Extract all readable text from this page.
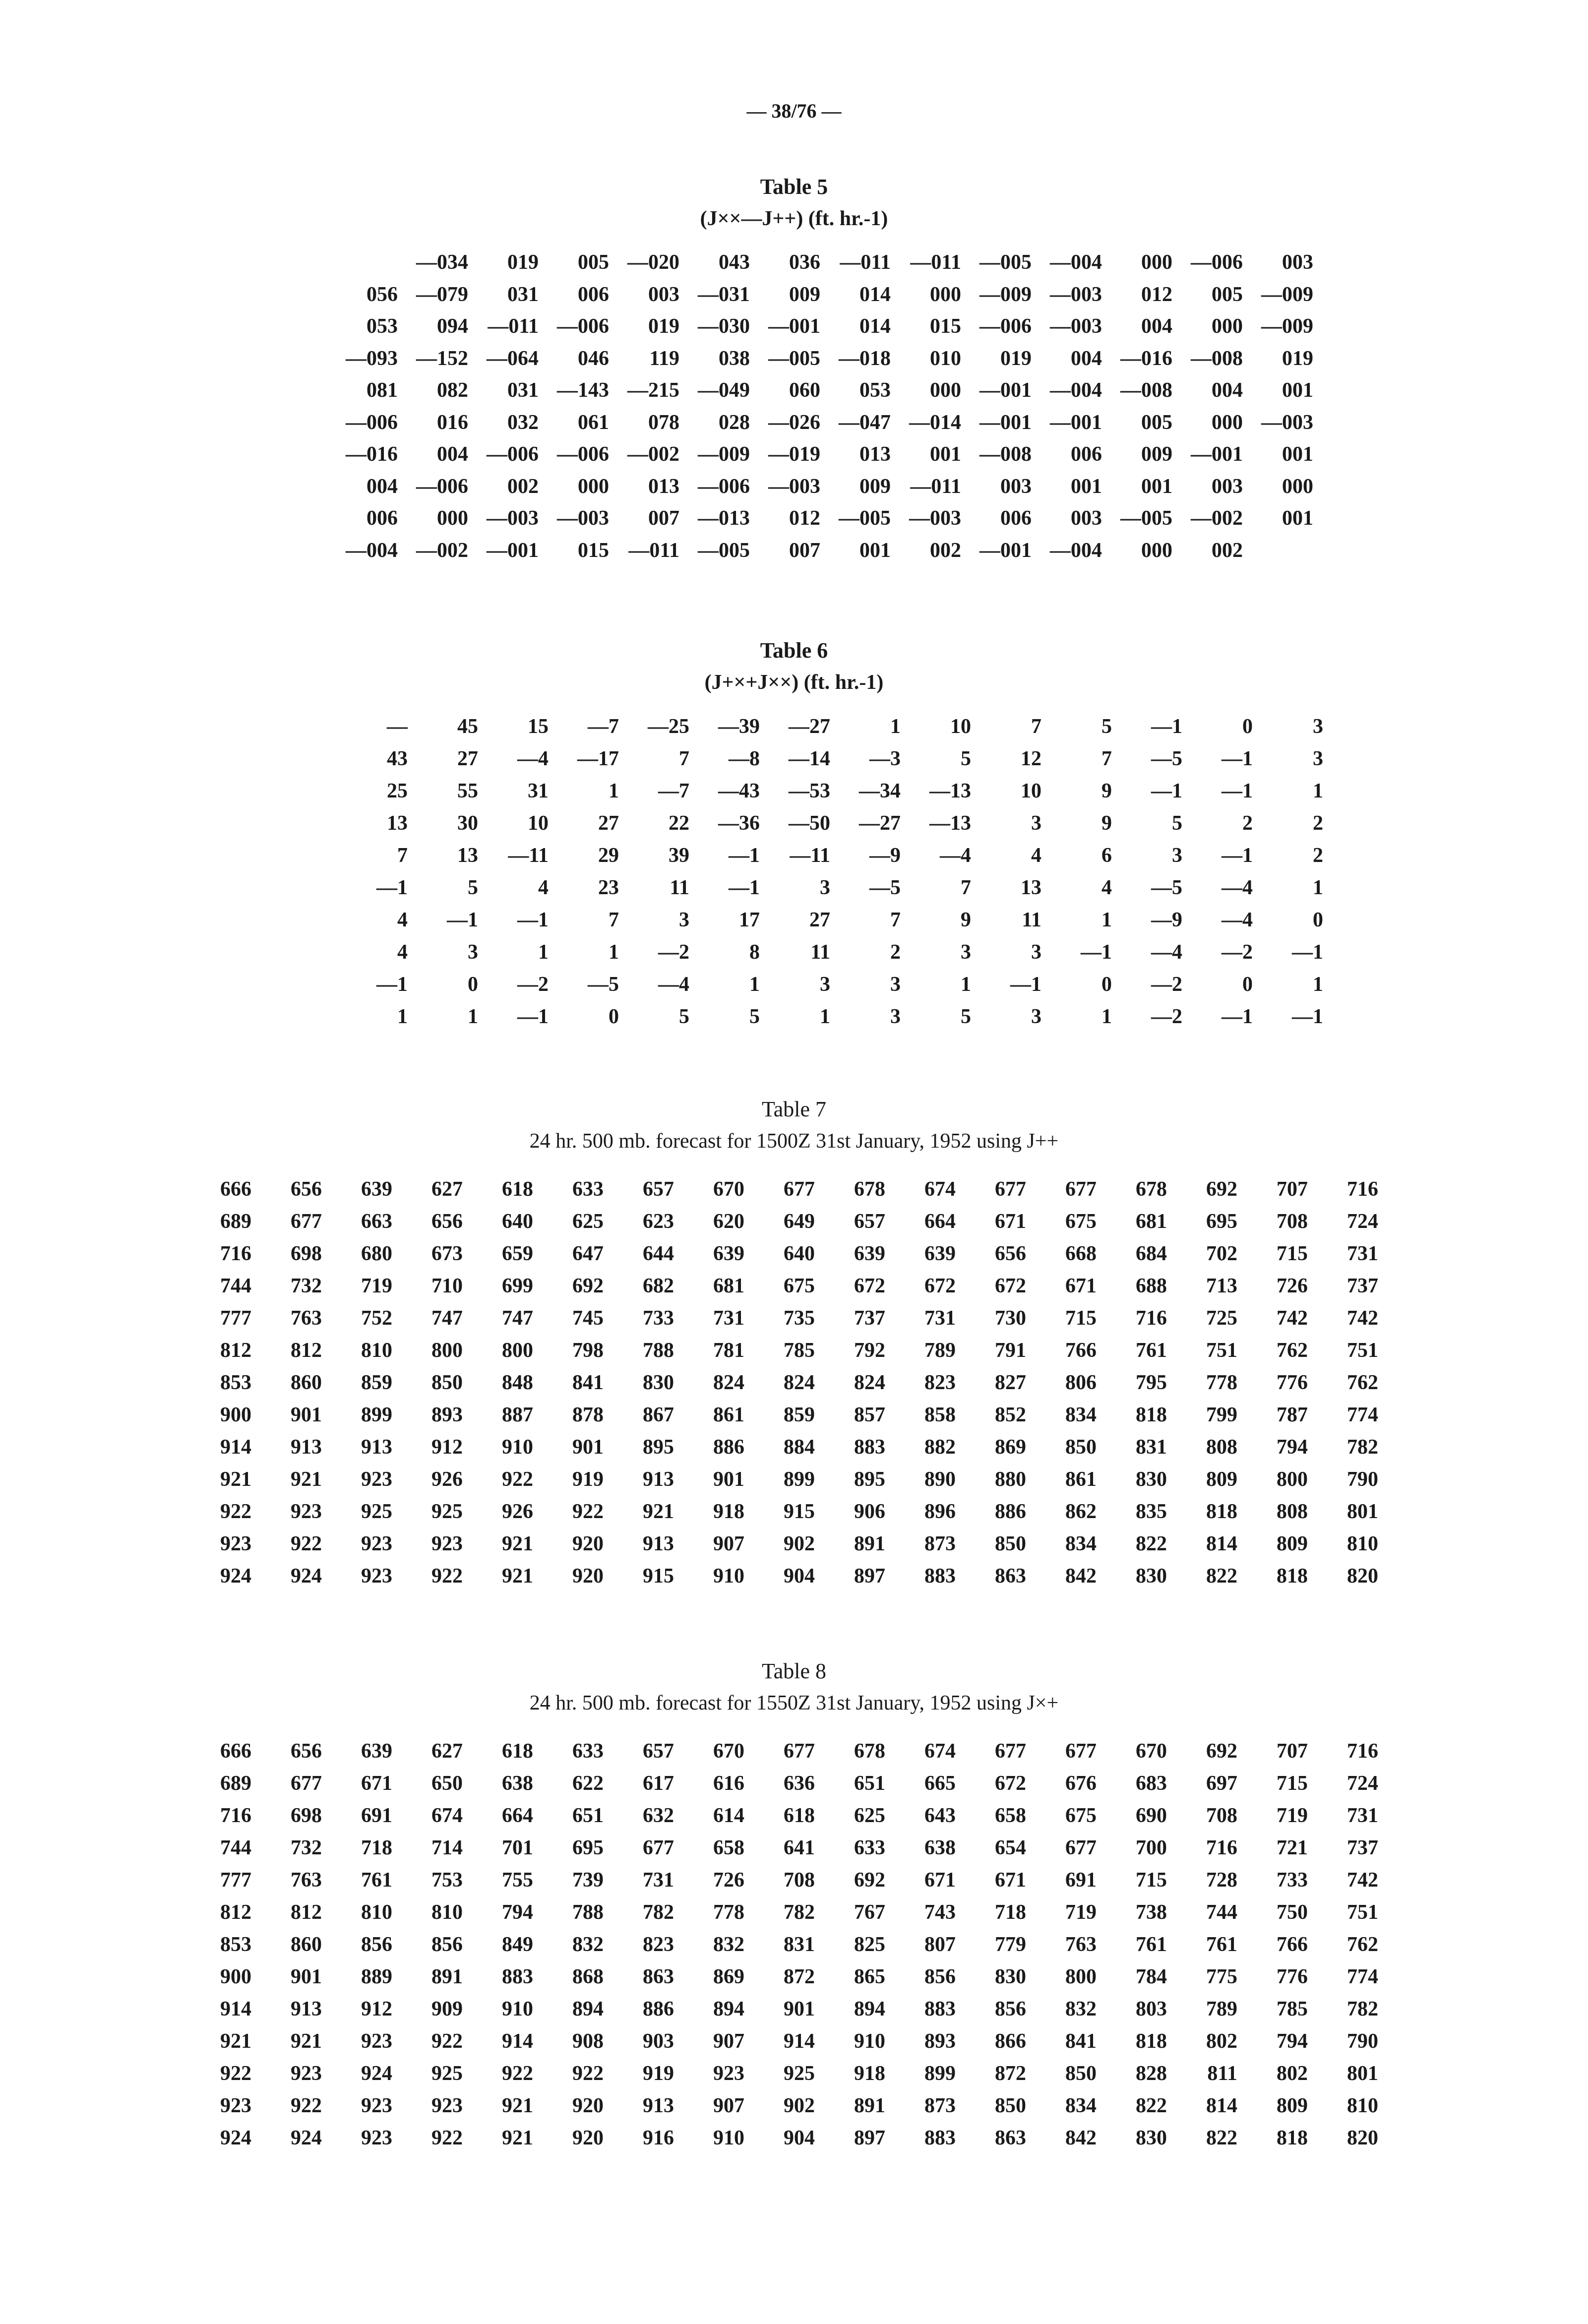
— 38/76 —
Table 5
(J××—J++) (ft. hr.-1)
	—034	019	005	—020	043	036	—011	—011	—005	—004	000	—006	003
056	—079	031	006	003	—031	009	014	000	—009	—003	012	005	—009
053	094	—011	—006	019	—030	—001	014	015	—006	—003	004	000	—009
—093	—152	—064	046	119	038	—005	—018	010	019	004	—016	—008	019
081	082	031	—143	—215	—049	060	053	000	—001	—004	—008	004	001
—006	016	032	061	078	028	—026	—047	—014	—001	—001	005	000	—003
—016	004	—006	—006	—002	—009	—019	013	001	—008	006	009	—001	001
004	—006	002	000	013	—006	—003	009	—011	003	001	001	003	000
006	000	—003	—003	007	—013	012	—005	—003	006	003	—005	—002	001
—004	—002	—001	015	—011	—005	007	001	002	—001	—004	000	002	
Table 6
(J+×+J××) (ft. hr.-1)
—	45	15	—7	—25	—39	—27	1	10	7	5	—1	0	3
43	27	—4	—17	7	—8	—14	—3	5	12	7	—5	—1	3
25	55	31	1	—7	—43	—53	—34	—13	10	9	—1	—1	1
13	30	10	27	22	—36	—50	—27	—13	3	9	5	2	2
7	13	—11	29	39	—1	—11	—9	—4	4	6	3	—1	2
—1	5	4	23	11	—1	3	—5	7	13	4	—5	—4	1
4	—1	—1	7	3	17	27	7	9	11	1	—9	—4	0
4	3	1	1	—2	8	11	2	3	3	—1	—4	—2	—1
—1	0	—2	—5	—4	1	3	3	1	—1	0	—2	0	1
1	1	—1	0	5	5	1	3	5	3	1	—2	—1	—1
Table 7
24 hr. 500 mb. forecast for 1500Z 31st January, 1952 using J++
666	656	639	627	618	633	657	670	677	678	674	677	677	678	692	707	716
689	677	663	656	640	625	623	620	649	657	664	671	675	681	695	708	724
716	698	680	673	659	647	644	639	640	639	639	656	668	684	702	715	731
744	732	719	710	699	692	682	681	675	672	672	672	671	688	713	726	737
777	763	752	747	747	745	733	731	735	737	731	730	715	716	725	742	742
812	812	810	800	800	798	788	781	785	792	789	791	766	761	751	762	751
853	860	859	850	848	841	830	824	824	824	823	827	806	795	778	776	762
900	901	899	893	887	878	867	861	859	857	858	852	834	818	799	787	774
914	913	913	912	910	901	895	886	884	883	882	869	850	831	808	794	782
921	921	923	926	922	919	913	901	899	895	890	880	861	830	809	800	790
922	923	925	925	926	922	921	918	915	906	896	886	862	835	818	808	801
923	922	923	923	921	920	913	907	902	891	873	850	834	822	814	809	810
924	924	923	922	921	920	915	910	904	897	883	863	842	830	822	818	820
Table 8
24 hr. 500 mb. forecast for 1550Z 31st January, 1952 using J×+
666	656	639	627	618	633	657	670	677	678	674	677	677	670	692	707	716
689	677	671	650	638	622	617	616	636	651	665	672	676	683	697	715	724
716	698	691	674	664	651	632	614	618	625	643	658	675	690	708	719	731
744	732	718	714	701	695	677	658	641	633	638	654	677	700	716	721	737
777	763	761	753	755	739	731	726	708	692	671	671	691	715	728	733	742
812	812	810	810	794	788	782	778	782	767	743	718	719	738	744	750	751
853	860	856	856	849	832	823	832	831	825	807	779	763	761	761	766	762
900	901	889	891	883	868	863	869	872	865	856	830	800	784	775	776	774
914	913	912	909	910	894	886	894	901	894	883	856	832	803	789	785	782
921	921	923	922	914	908	903	907	914	910	893	866	841	818	802	794	790
922	923	924	925	922	922	919	923	925	918	899	872	850	828	811	802	801
923	922	923	923	921	920	913	907	902	891	873	850	834	822	814	809	810
924	924	923	922	921	920	916	910	904	897	883	863	842	830	822	818	820
